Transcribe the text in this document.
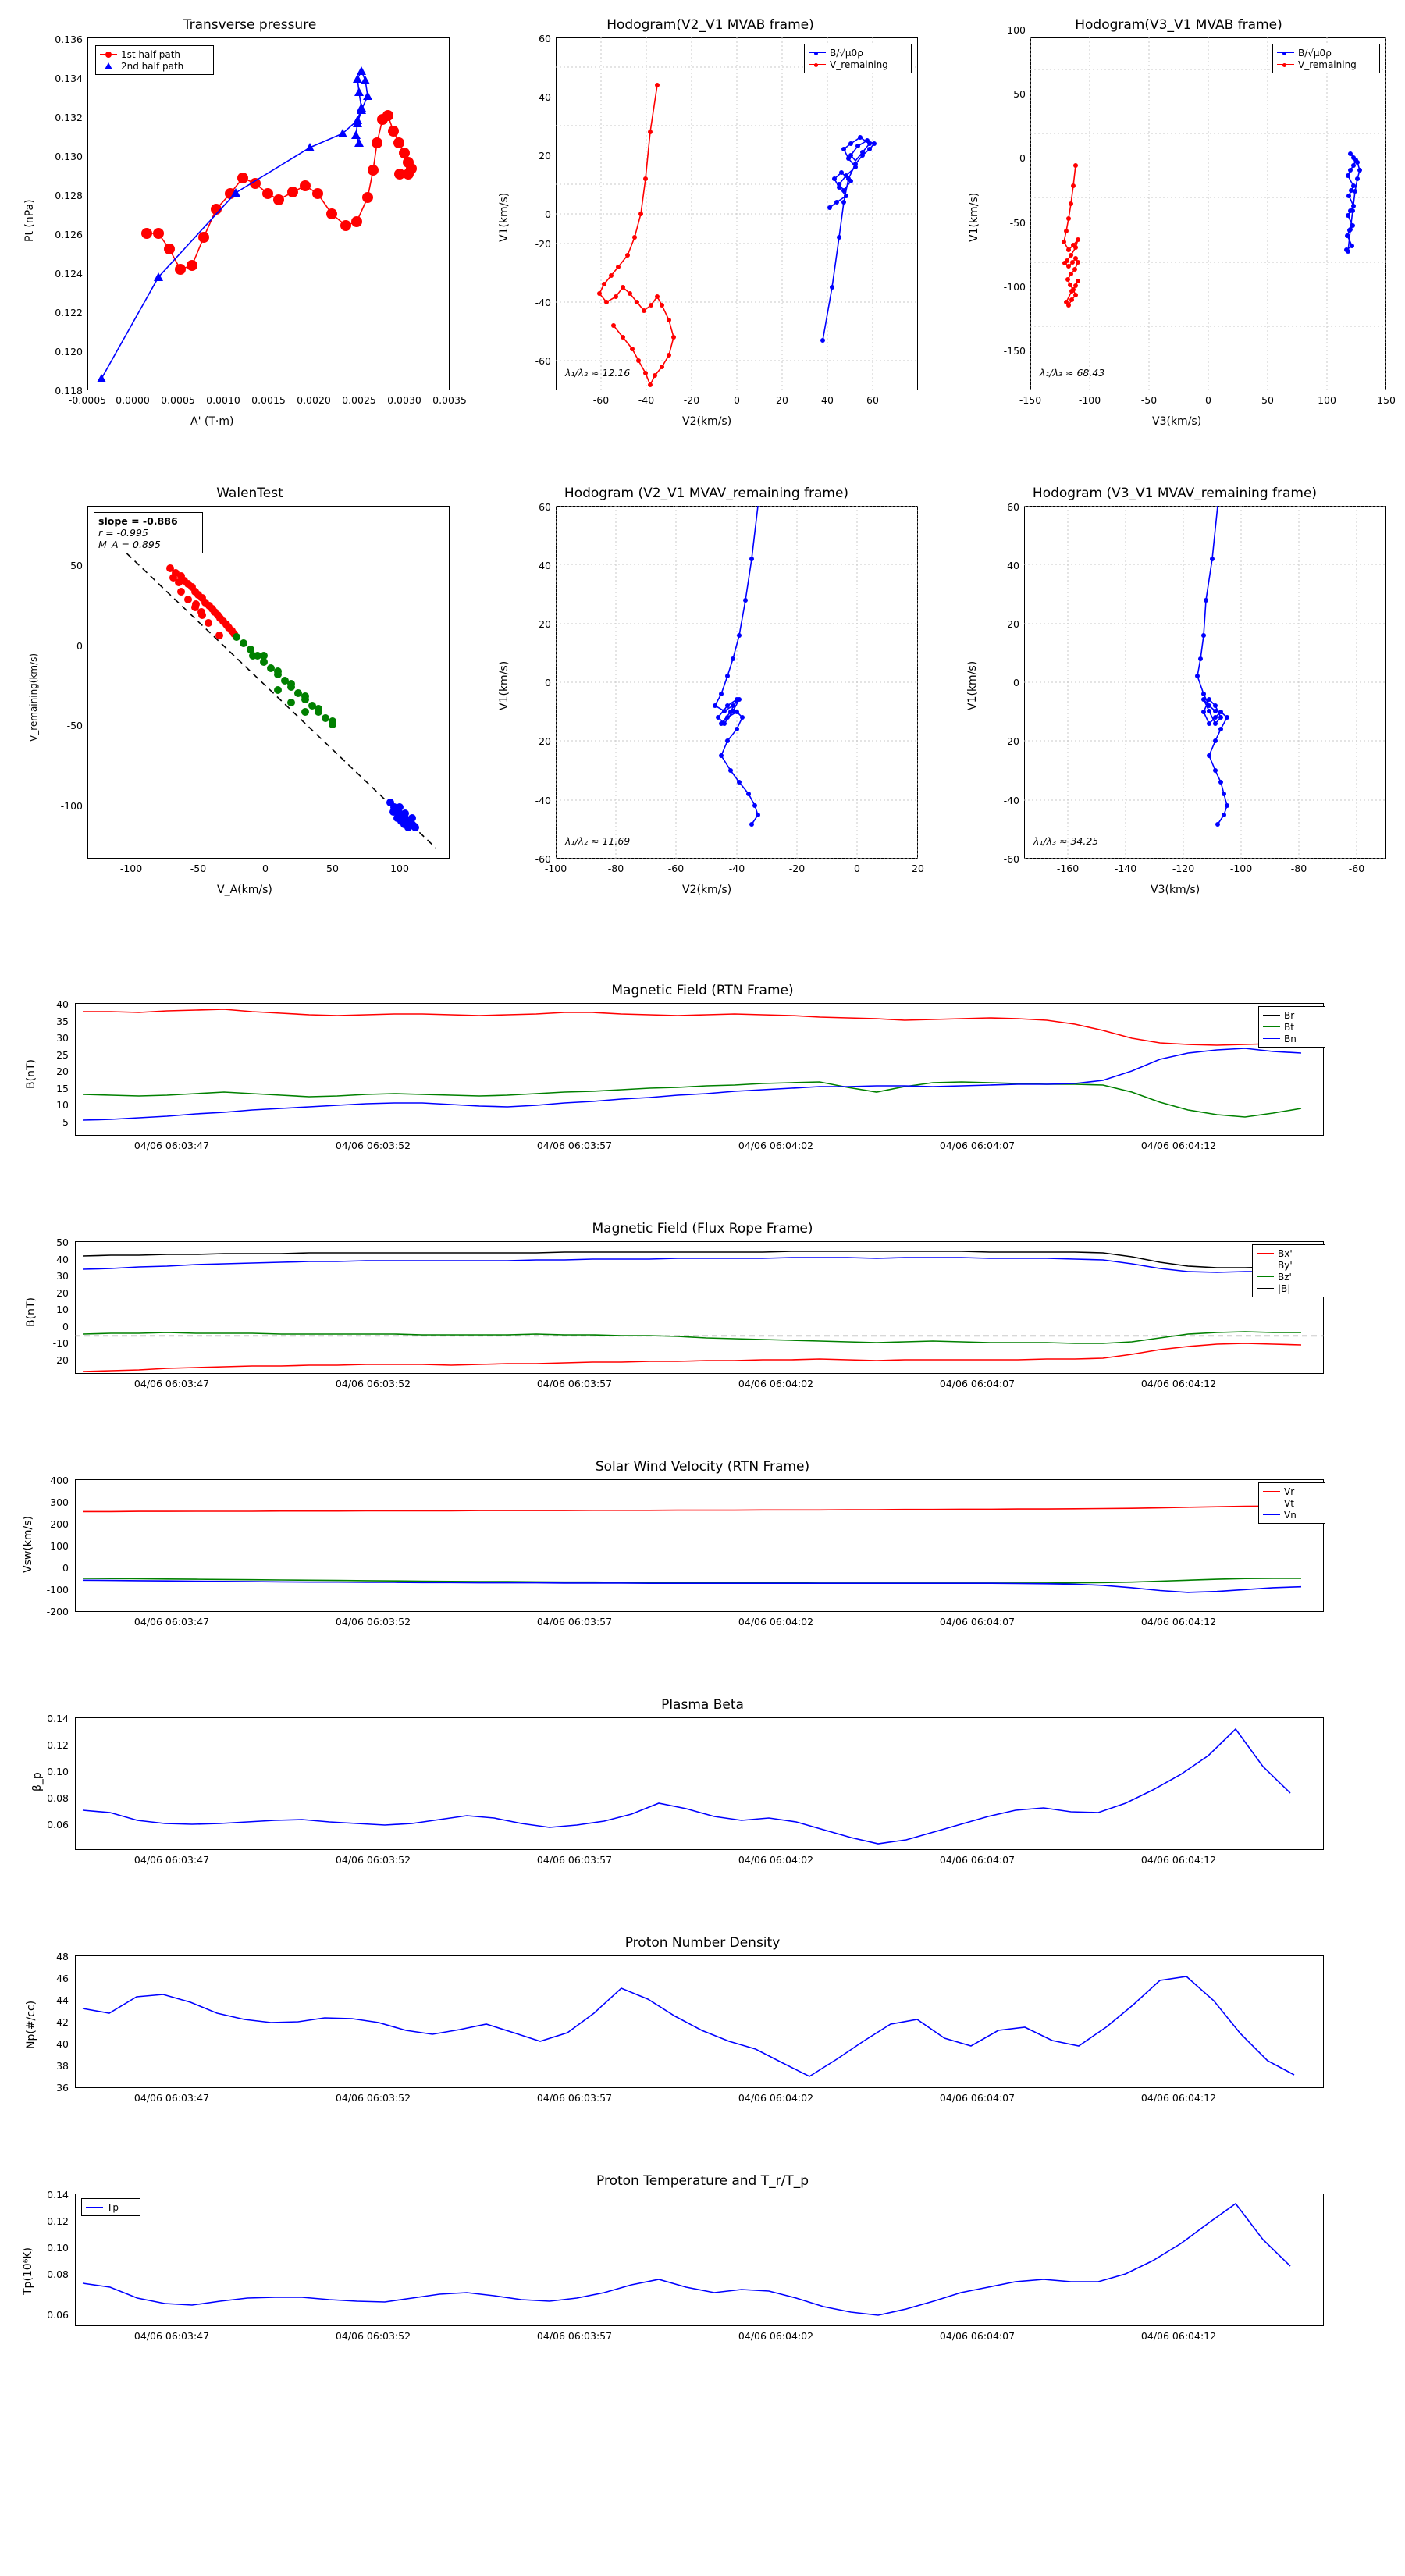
Transverse pressure
1st half path
2nd half path
Pt (nPa)
A' (T·m)
0.118
0.120
0.122
0.124
0.126
0.128
0.130
0.132
0.134
0.136
-0.0005 0.0000	0.0005	0.0010	0.0015	0.0020	0.0025	0.0030	0.0035
Hodogram(V2_V1 MVAB frame)
B/√μ0ρ
V_remaining
λ₁/λ₂ ≈ 12.16
V1(km/s)
V2(km/s)
-60
-40
-20
0
20
40
60
-60	-40	-20	0	20	40	60
Hodogram(V3_V1 MVAB frame)
B/√μ0ρ
V_remaining
λ₁/λ₃ ≈ 68.43
V1(km/s)
V3(km/s)
-150
-100
-50
0
50
100
-150	-100	-50	0	50	100	150
WalenTest
slope = -0.886
r = -0.995
M_A = 0.895
V_remaining(km/s)
V_A(km/s)
-100
-50
0
50
-100	-50	0	50	100
Hodogram (V2_V1 MVAV_remaining frame)
λ₁/λ₂ ≈ 11.69
V1(km/s)
V2(km/s)
-60
-40
-20
0
20
40
60
-100	-80	-60	-40	-20	0	20
Hodogram (V3_V1 MVAV_remaining frame)
λ₁/λ₃ ≈ 34.25
V1(km/s)
V3(km/s)
-60
-40
-20
0
20
40
60
-160	-140	-120	-100	-80	-60
Magnetic Field (RTN Frame)
Br
Bt
Bn
B(nT)
40
35
30
25
20
15
10
5
04/06 06:03:47	04/06 06:03:52	04/06 06:03:57	04/06 06:04:02	04/06 06:04:07	04/06 06:04:12
Magnetic Field (Flux Rope Frame)
Bx'
By'
Bz'
|B|
B(nT)
50
40
30
20
10
0
-10
-20
04/06 06:03:47	04/06 06:03:52	04/06 06:03:57	04/06 06:04:02	04/06 06:04:07	04/06 06:04:12
Solar Wind Velocity (RTN Frame)
Vr
Vt
Vn
Vsw(km/s)
400
300
200
100
0
-100
-200
04/06 06:03:47	04/06 06:03:52	04/06 06:03:57	04/06 06:04:02	04/06 06:04:07	04/06 06:04:12
Plasma Beta
β_p
0.14
0.12
0.10
0.08
0.06
04/06 06:03:47	04/06 06:03:52	04/06 06:03:57	04/06 06:04:02	04/06 06:04:07	04/06 06:04:12
Proton Number Density
Np(#/cc)
48
46
44
42
40
38
36
04/06 06:03:47	04/06 06:03:52	04/06 06:03:57	04/06 06:04:02	04/06 06:04:07	04/06 06:04:12
Proton Temperature and T_r/T_p
Tp
Tp(10⁶K)
0.14
0.12
0.10
0.08
0.06
04/06 06:03:47	04/06 06:03:52	04/06 06:03:57	04/06 06:04:02	04/06 06:04:07	04/06 06:04:12
